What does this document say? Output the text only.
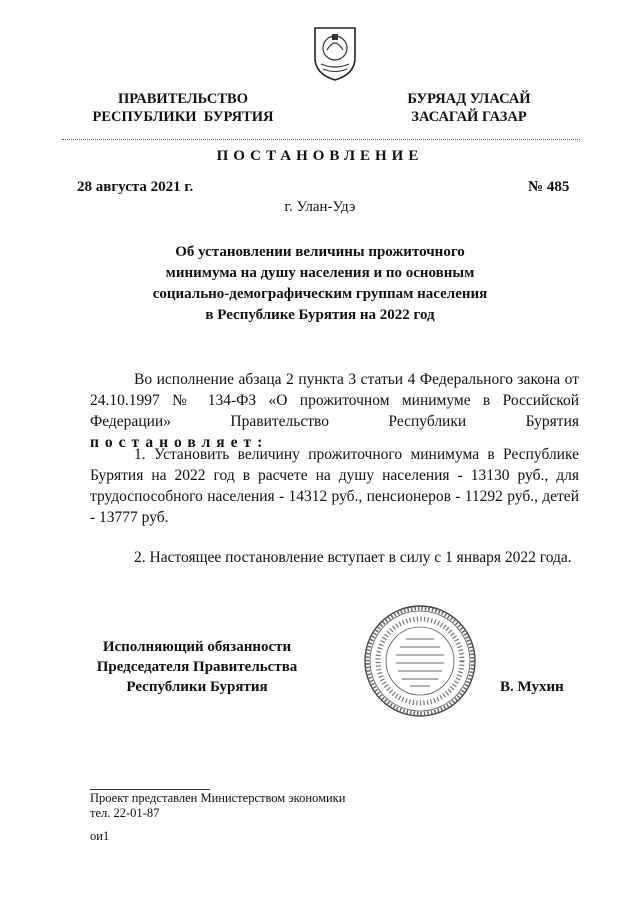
ПРАВИТЕЛЬСТВО
РЕСПУБЛИКИ  БУРЯТИЯ
БУРЯАД УЛАСАЙ
ЗАСАГАЙ ГАЗАР
ПОСТАНОВЛЕНИЕ
28 августа 2021 г.	№ 485
г. Улан-Удэ
Об установлении величины прожиточного
минимума на душу населения и по основным
социально-демографическим группам населения
в Республике Бурятия на 2022 год
Во исполнение абзаца 2 пункта 3 статьи 4 Федерального закона от 24.10.1997 № 134-ФЗ «О прожиточном минимуме в Российской Федерации» Правительство Республики Бурятия постановляет:
1. Установить величину прожиточного минимума в Республике Бурятия на 2022 год в расчете на душу населения - 13130 руб., для трудоспособного населения - 14312 руб., пенсионеров - 11292 руб., детей - 13777 руб.
2. Настоящее постановление вступает в силу с 1 января 2022 года.
Исполняющий обязанности
Председателя Правительства
Республики Бурятия	В. Мухин
Проект представлен Министерством экономики
тел. 22-01-87
ои1
